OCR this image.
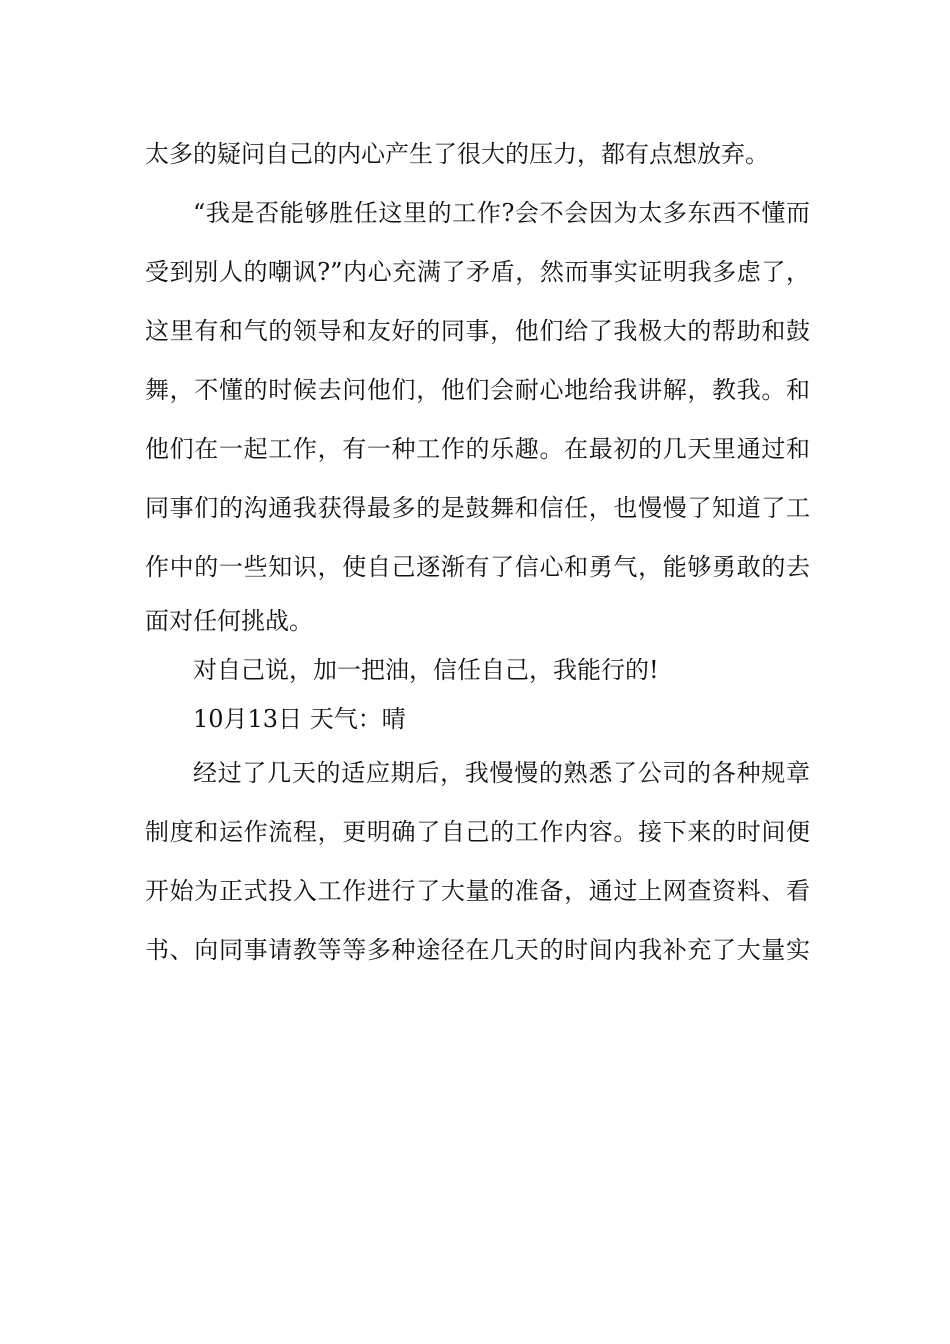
太多的疑问自己的内心产生了很大的压力，都有点想放弃。
“我是否能够胜任这里的工作?会不会因为太多东西不懂而
受到别人的嘲讽?”内心充满了矛盾，然而事实证明我多虑了，
这里有和气的领导和友好的同事，他们给了我极大的帮助和鼓
舞，不懂的时候去问他们，他们会耐心地给我讲解，教我。和
他们在一起工作，有一种工作的乐趣。在最初的几天里通过和
同事们的沟通我获得最多的是鼓舞和信任，也慢慢了知道了工
作中的一些知识，使自己逐渐有了信心和勇气，能够勇敢的去
面对任何挑战。
对自己说，加一把油，信任自己，我能行的!
10月13日 天气：晴
经过了几天的适应期后，我慢慢的熟悉了公司的各种规章
制度和运作流程，更明确了自己的工作内容。接下来的时间便
开始为正式投入工作进行了大量的准备，通过上网查资料、看
书、向同事请教等等多种途径在几天的时间内我补充了大量实
